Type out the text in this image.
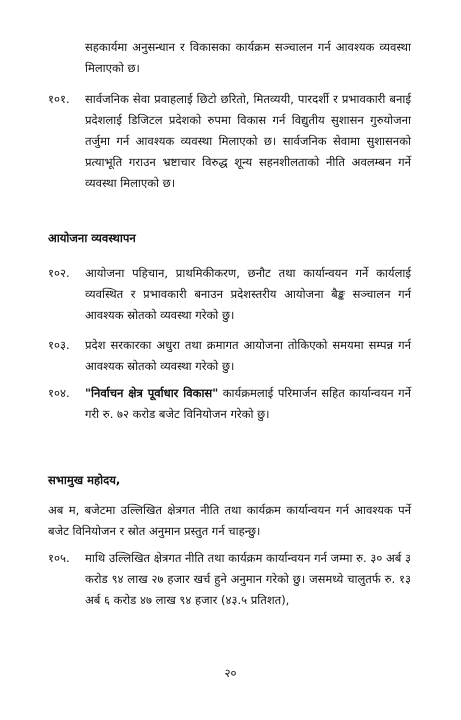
सहकार्यमा अनुसन्धान र विकासका कार्यक्रम सञ्चालन गर्न आवश्यक व्यवस्था मिलाएको छ।
१०१.	सार्वजनिक सेवा प्रवाहलाई छिटो छरितो, मितव्ययी, पारदर्शी र प्रभावकारी बनाई प्रदेशलाई डिजिटल प्रदेशको रुपमा विकास गर्न विद्युतीय सुशासन गुरुयोजना तर्जुमा गर्न आवश्यक व्यवस्था मिलाएको छ। सार्वजनिक सेवामा सुशासनको प्रत्याभूति गराउन भ्रष्टाचार विरुद्ध शून्य सहनशीलताको नीति अवलम्बन गर्ने व्यवस्था मिलाएको छ।
आयोजना व्यवस्थापन
१०२.	आयोजना पहिचान, प्राथमिकीकरण, छनौट तथा कार्यान्वयन गर्ने कार्यलाई व्यवस्थित र प्रभावकारी बनाउन प्रदेशस्तरीय आयोजना बैङ्क सञ्चालन गर्न आवश्यक स्रोतको व्यवस्था गरेको छु।
१०३.	प्रदेश सरकारका अधुरा तथा क्रमागत आयोजना तोकिएको समयमा सम्पन्न गर्न आवश्यक स्रोतको व्यवस्था गरेको छु।
१०४.	"निर्वाचन क्षेत्र पूर्वाधार विकास" कार्यक्रमलाई परिमार्जन सहित कार्यान्वयन गर्ने गरी रु. ७२ करोड बजेट विनियोजन गरेको छु।
सभामुख महोदय,
अब म, बजेटमा उल्लिखित क्षेत्रगत नीति तथा कार्यक्रम कार्यान्वयन गर्न आवश्यक पर्ने बजेट विनियोजन र स्रोत अनुमान प्रस्तुत गर्न चाहन्छु।
१०५.	माथि उल्लिखित क्षेत्रगत नीति तथा कार्यक्रम कार्यान्वयन गर्न जम्मा रु. ३० अर्ब ३ करोड ९४ लाख २७ हजार खर्च हुने अनुमान गरेको छु। जसमध्ये चालुतर्फ रु. १३ अर्ब ६ करोड ४७ लाख ९४ हजार (४३.५ प्रतिशत),
२०
